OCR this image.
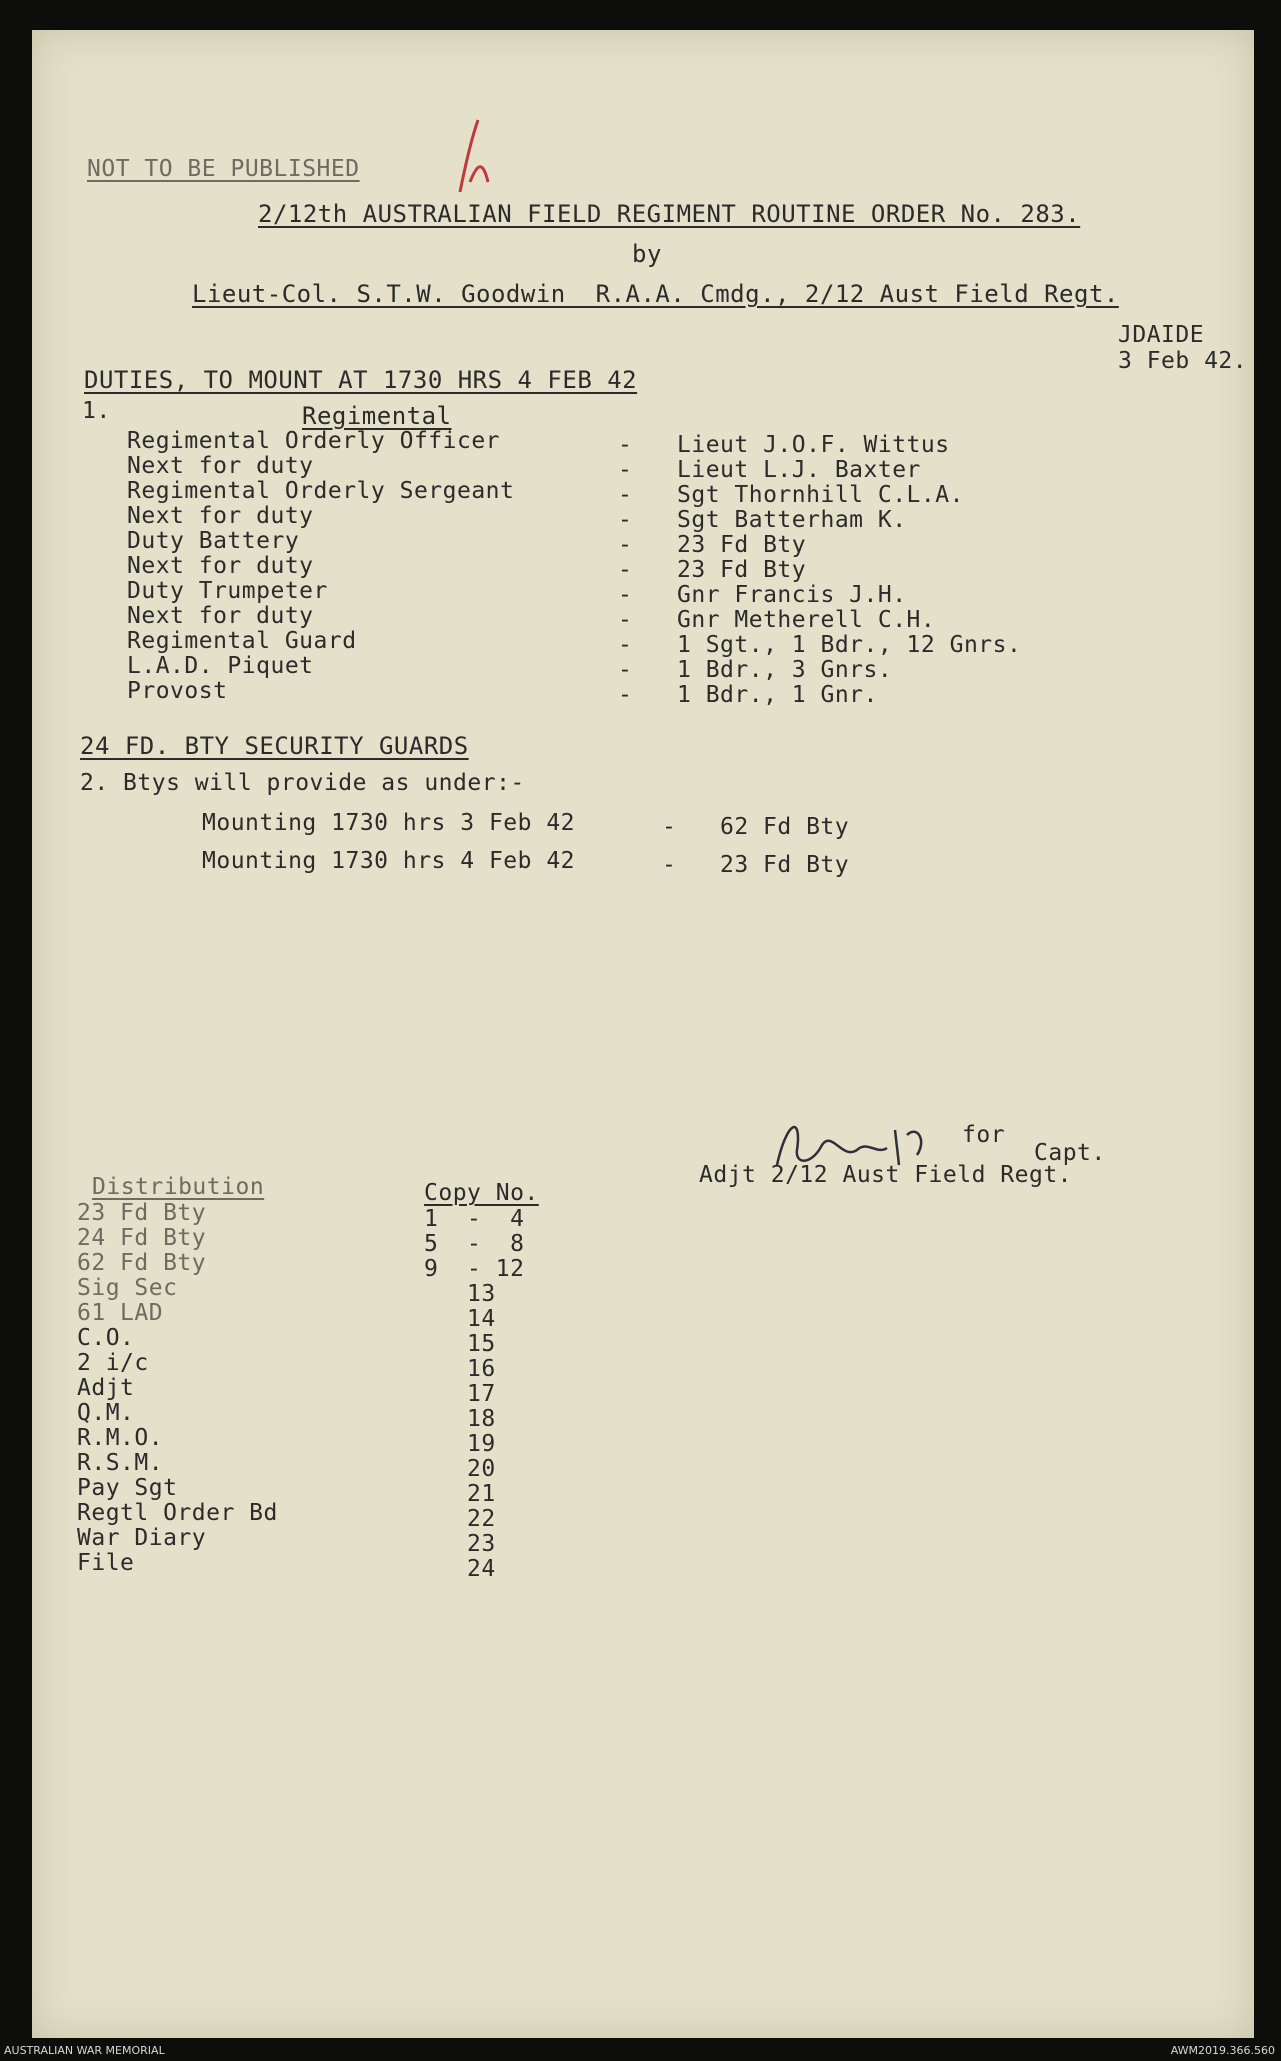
NOT TO BE PUBLISHED
2/12th AUSTRALIAN FIELD REGIMENT ROUTINE ORDER No. 283.
by
Lieut-Col. S.T.W. Goodwin  R.A.A. Cmdg., 2/12 Aust Field Regt.
JDAIDE
3 Feb 42.
DUTIES, TO MOUNT AT 1730 HRS 4 FEB 42
1.	Regimental
Regimental Orderly Officer	- Lieut J.O.F. Wittus
Next for duty	- Lieut L.J. Baxter
Regimental Orderly Sergeant	- Sgt Thornhill C.L.A.
Next for duty	- Sgt Batterham K.
Duty Battery	- 23 Fd Bty
Next for duty	- 23 Fd Bty
Duty Trumpeter	- Gnr Francis J.H.
Next for duty	- Gnr Metherell C.H.
Regimental Guard	- 1 Sgt., 1 Bdr., 12 Gnrs.
L.A.D. Piquet	- 1 Bdr., 3 Gnrs.
Provost	- 1 Bdr., 1 Gnr.
24 FD. BTY SECURITY GUARDS
2. Btys will provide as under:-
Mounting 1730 hrs 3 Feb 42	- 62 Fd Bty
Mounting 1730 hrs 4 Feb 42	- 23 Fd Bty
for
Capt.
Adjt 2/12 Aust Field Regt.
Distribution	Copy No.
23 Fd Bty	1  -  4
24 Fd Bty	5  -  8
62 Fd Bty	9  - 12
Sig Sec	13
61 LAD	14
C.O.	15
2 i/c	16
Adjt	17
Q.M.	18
R.M.O.	19
R.S.M.	20
Pay Sgt	21
Regtl Order Bd	22
War Diary	23
File	24
AUSTRALIAN WAR MEMORIAL	AWM2019.366.560
